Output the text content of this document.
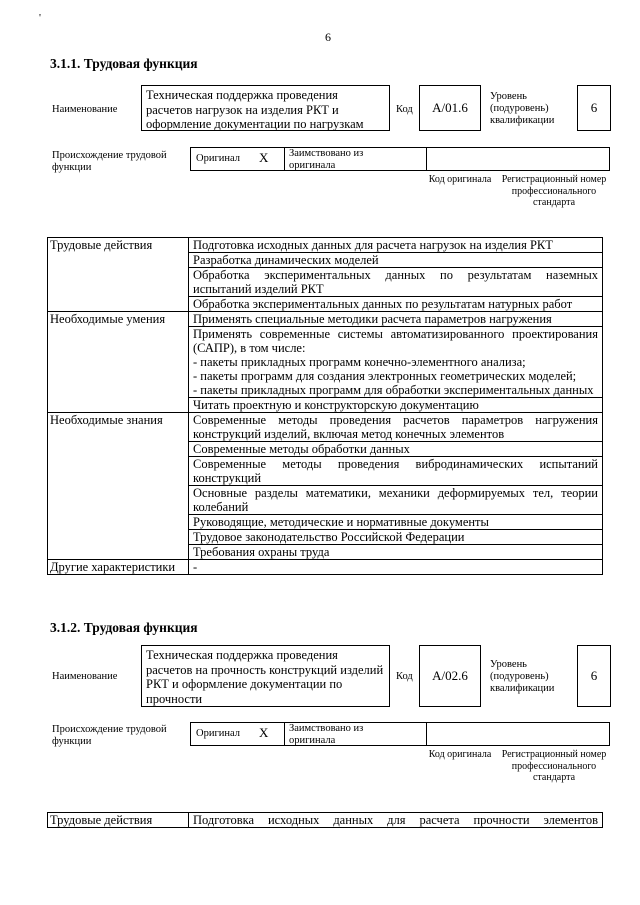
'
6
3.1.1. Трудовая функция
Наименование
Техническая поддержка проведения расчетов нагрузок на изделия РКТ и оформление документации по нагрузкам
Код	А/01.6
Уровень (подуровень) квалификации
6
Происхождение трудовой функции
Оригинал X Заимствовано из оригинала
Код оригинала Регистрационный номер профессионального стандарта
Трудовые действия	Подготовка исходных данных для расчета нагрузок на изделия РКТ
	Разработка динамических моделей
	Обработка экспериментальных данных по результатам наземных испытаний изделий РКТ
	Обработка экспериментальных данных по результатам натурных работ
Необходимые умения	Применять специальные методики расчета параметров нагружения
	Применять современные системы автоматизированного проектирования (САПР), в том числе:
- пакеты прикладных программ конечно-элементного анализа;
- пакеты программ для создания электронных геометрических моделей;
- пакеты прикладных программ для обработки экспериментальных данных
	Читать проектную и конструкторскую документацию
Необходимые знания	Современные методы проведения расчетов параметров нагружения конструкций изделий, включая метод конечных элементов
	Современные методы обработки данных
	Современные методы проведения вибродинамических испытаний конструкций
	Основные разделы математики, механики деформируемых тел, теории колебаний
	Руководящие, методические и нормативные документы
	Трудовое законодательство Российской Федерации
	Требования охраны труда
Другие характеристики	-
3.1.2. Трудовая функция
Наименование
Техническая поддержка проведения расчетов на прочность конструкций изделий РКТ и оформление документации по прочности
Код	А/02.6
Уровень (подуровень) квалификации
6
Происхождение трудовой функции
Оригинал X Заимствовано из оригинала
Код оригинала Регистрационный номер профессионального стандарта
Трудовые действия	Подготовка исходных данных для расчета прочности элементов
